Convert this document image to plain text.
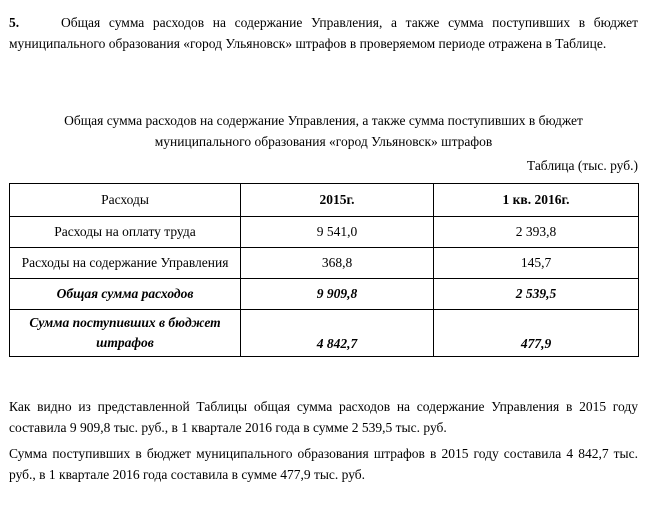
5.	Общая сумма расходов на содержание Управления, а также сумма поступивших в бюджет муниципального образования «город Ульяновск» штрафов в проверяемом периоде отражена в Таблице.

Общая сумма расходов на содержание Управления, а также сумма поступивших в бюджет

муниципального образования «город Ульяновск» штрафов

Таблица (тыс. руб.)
Расходы	2015г.	1 кв. 2016г.
Расходы на оплату труда	9 541,0	2 393,8
Расходы на содержание Управления	368,8	145,7
Общая сумма расходов	9 909,8	2 539,5
Сумма поступивших в бюджет штрафов	4 842,7	477,9

Как видно из представленной Таблицы общая сумма расходов на содержание Управления в 2015 году составила 9 909,8 тыс. руб., в 1 квартале 2016 года в сумме 2 539,5 тыс. руб.

Сумма поступивших в бюджет муниципального образования штрафов в 2015 году составила 4 842,7 тыс. руб., в 1 квартале 2016 года составила в сумме 477,9 тыс. руб.
